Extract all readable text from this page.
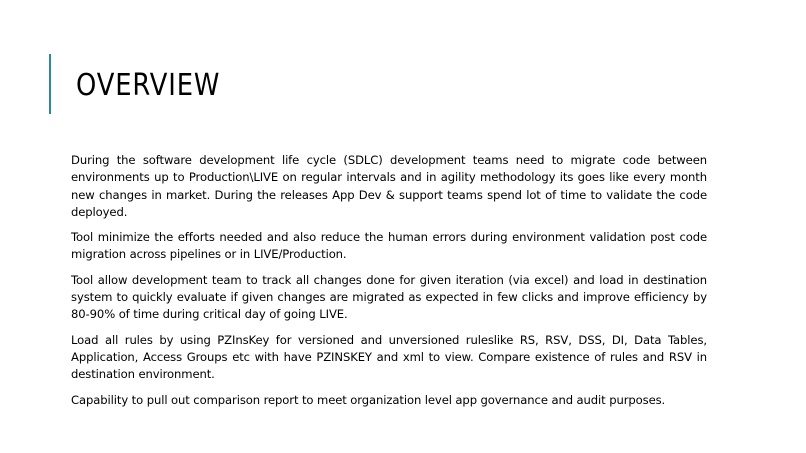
OVERVIEW

During the software development life cycle (SDLC) development teams need to migrate code between environments up to Production\LIVE on regular intervals and in agility methodology its goes like every month new changes in market. During the releases App Dev & support teams spend lot of time to validate the code deployed.

Tool minimize the efforts needed and also reduce the human errors during environment validation post code migration across pipelines or in LIVE/Production.

Tool allow development team to track all changes done for given iteration (via excel) and load in destination system to quickly evaluate if given changes are migrated as expected in few clicks and improve efficiency by 80-90% of time during critical day of going LIVE.

Load all rules by using PZInsKey for versioned and unversioned ruleslike RS, RSV, DSS, DI, Data Tables, Application, Access Groups etc with have PZINSKEY and xml to view. Compare existence of rules and RSV in destination environment.

Capability to pull out comparison report to meet organization level app governance and audit purposes.
